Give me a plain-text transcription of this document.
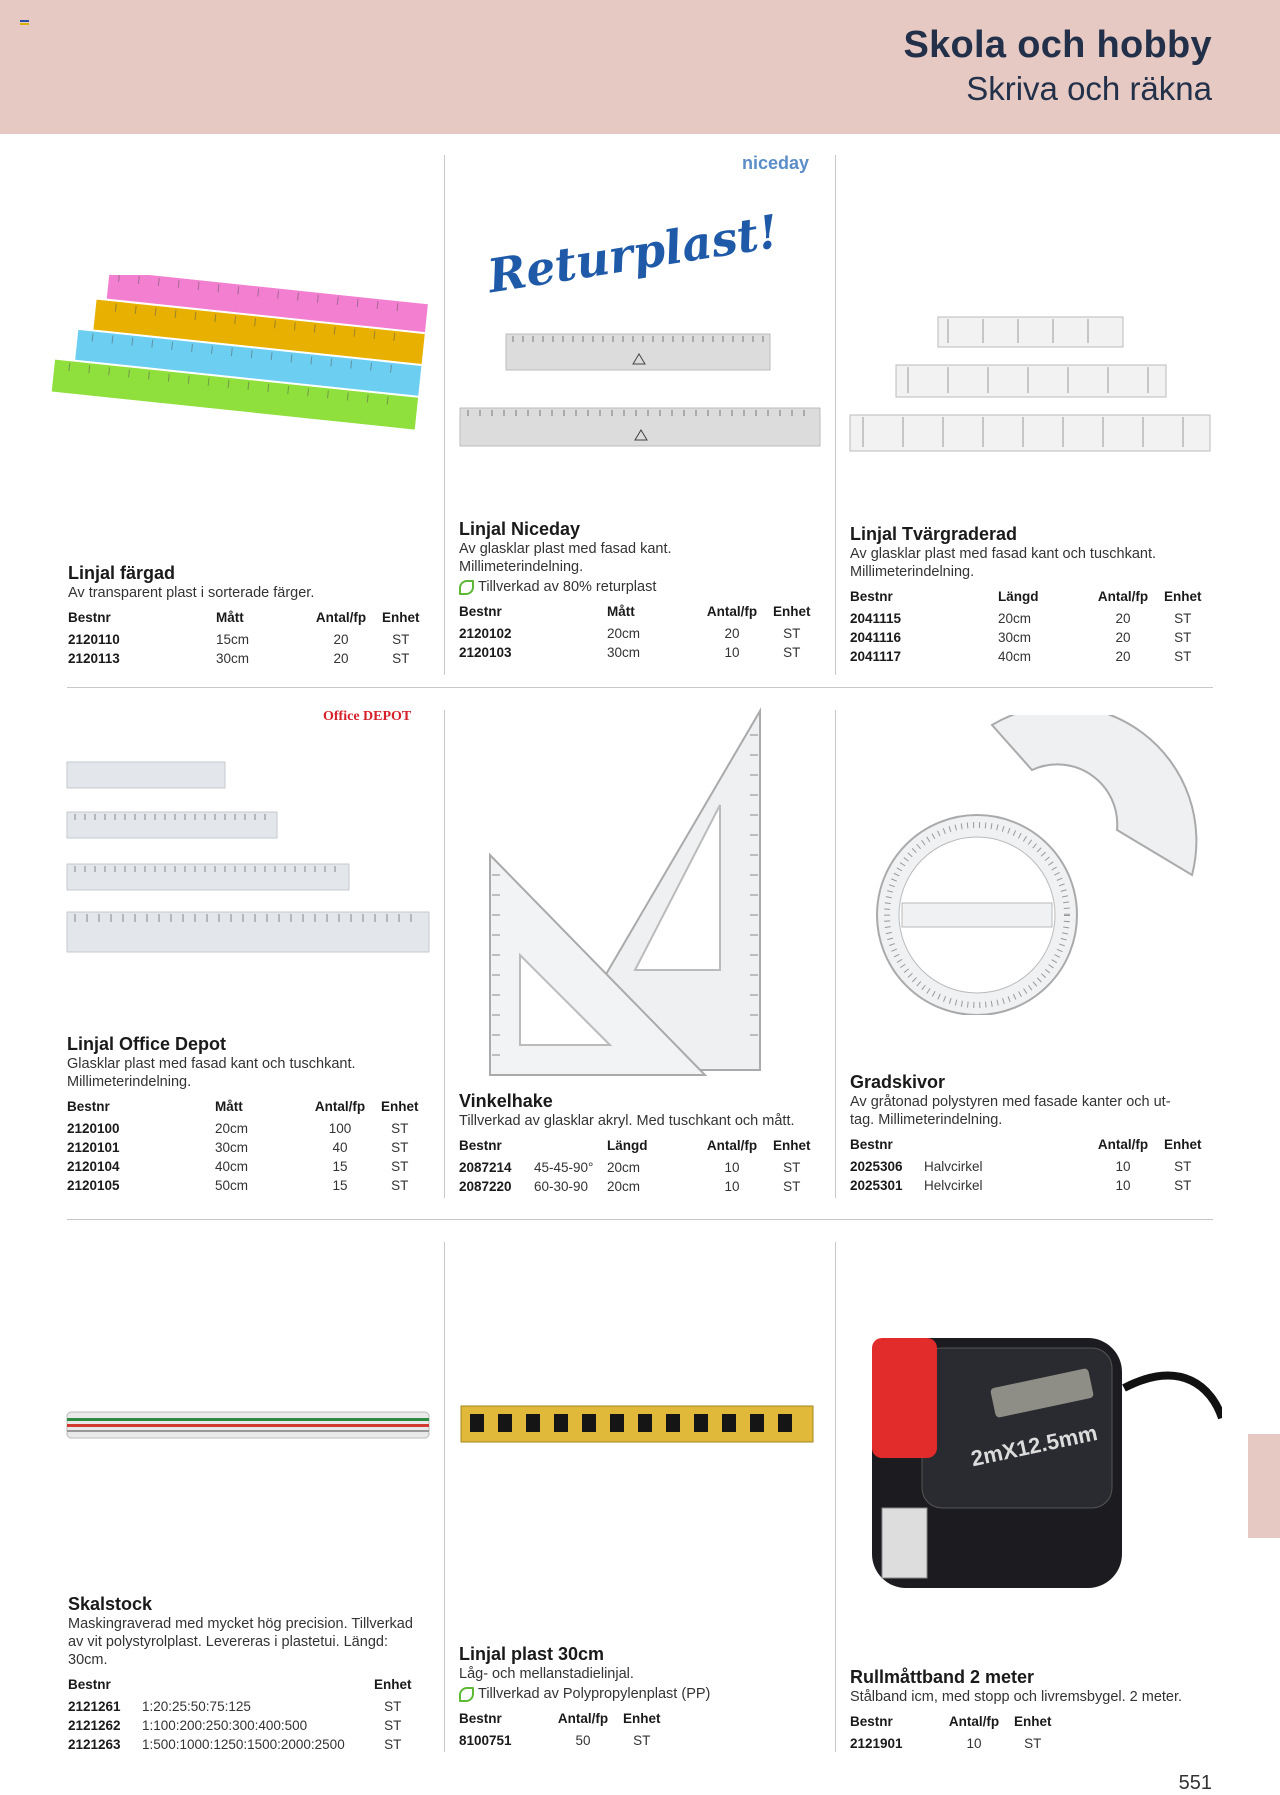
Skola och hobby
Skriva och räkna
niceday
Office DEPOT
Returplast!
2mX12.5mm

Linjal färgad

Av transparent plast i sorterade färger.

Bestnr	Mått	Antal/fp	Enhet
2120110	15cm	20	ST
2120113	30cm	20	ST

Linjal Niceday

Av glasklar plast med fasad kant.

Millimeterindelning.

Tillverkad av 80% returplast
Bestnr	Mått	Antal/fp	Enhet
2120102	20cm	20	ST
2120103	30cm	10	ST

Linjal Tvärgraderad

Av glasklar plast med fasad kant och tuschkant.

Millimeterindelning.

Bestnr	Längd	Antal/fp	Enhet
2041115	20cm	20	ST
2041116	30cm	20	ST
2041117	40cm	20	ST

Linjal Office Depot

Glasklar plast med fasad kant och tuschkant.

Millimeterindelning.

Bestnr	Mått	Antal/fp	Enhet
2120100	20cm	100	ST
2120101	30cm	40	ST
2120104	40cm	15	ST
2120105	50cm	15	ST

Vinkelhake

Tillverkad av glasklar akryl. Med tuschkant och mått.

Bestnr		Längd	Antal/fp	Enhet
2087214	45-45-90°	20cm	10	ST
2087220	60-30-90	20cm	10	ST

Gradskivor

Av gråtonad polystyren med fasade kanter och ut-

tag. Millimeterindelning.

Bestnr		Antal/fp	Enhet
2025306	Halvcirkel	10	ST
2025301	Helvcirkel	10	ST

Skalstock

Maskingraverad med mycket hög precision. Tillverkad

av vit polystyrolplast. Levereras i plastetui. Längd:

30cm.

Bestnr		Enhet
2121261	1:20:25:50:75:125	ST
2121262	1:100:200:250:300:400:500	ST
2121263	1:500:1000:1250:1500:2000:2500	ST

Linjal plast 30cm

Låg- och mellanstadielinjal.

Tillverkad av Polypropylenplast (PP)
Bestnr	Antal/fp	Enhet
8100751	50	ST

Rullmåttband 2 meter

Stålband icm, med stopp och livremsbygel. 2 meter.

Bestnr	Antal/fp	Enhet
2121901	10	ST
551
